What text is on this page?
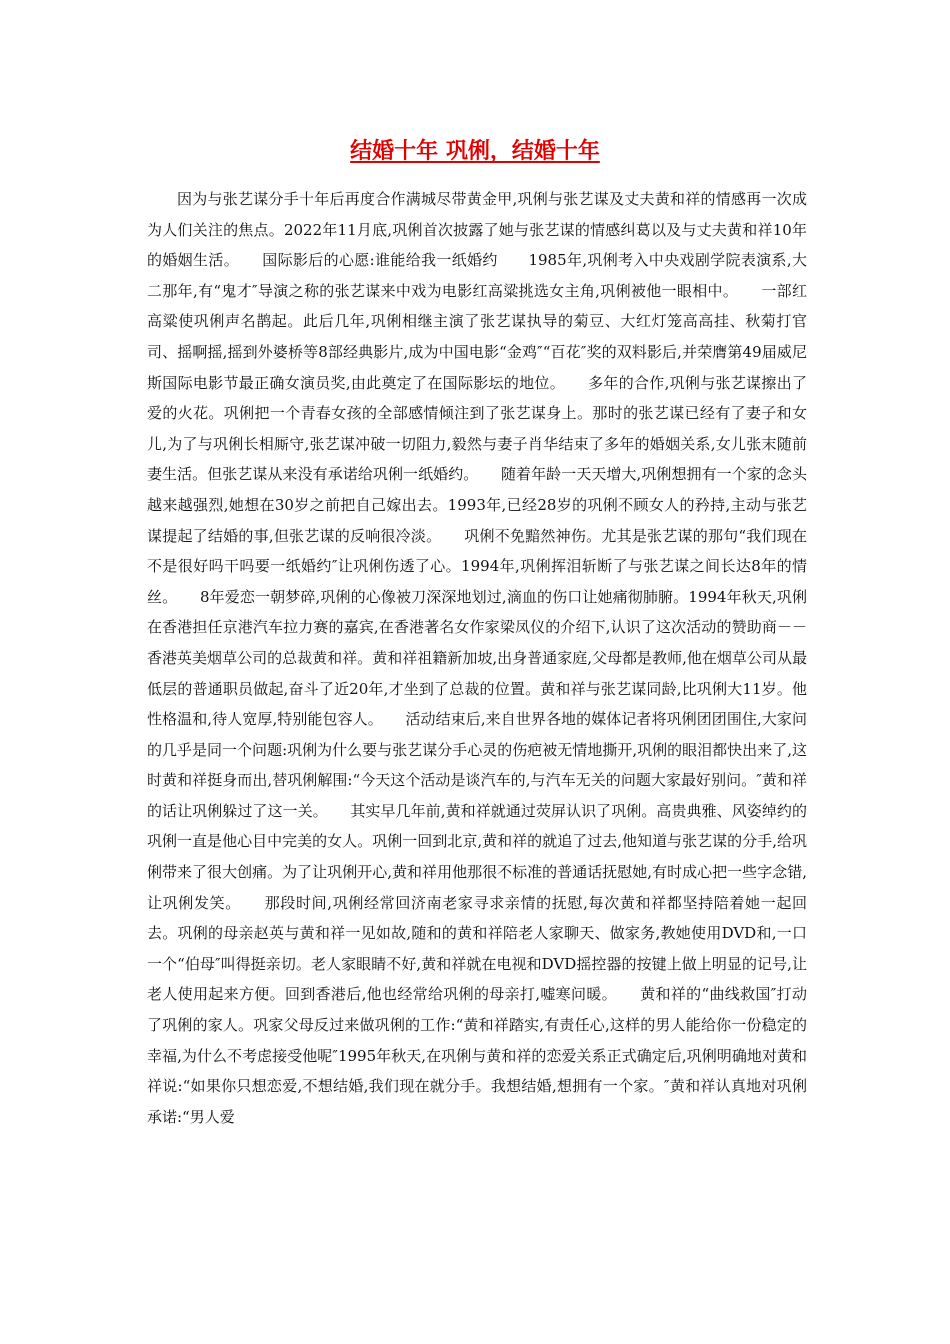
结婚十年 巩俐，结婚十年

因为与张艺谋分手十年后再度合作满城尽带黄金甲,巩俐与张艺谋及丈夫黄和祥的情感再一次成为人们关注的焦点。2022年11月底,巩俐首次披露了她与张艺谋的情感纠葛以及与丈夫黄和祥10年的婚姻生活。　　国际影后的心愿:谁能给我一纸婚约　　1985年,巩俐考入中央戏剧学院表演系,大二那年,有“鬼才″导演之称的张艺谋来中戏为电影红高粱挑选女主角,巩俐被他一眼相中。　　一部红高粱使巩俐声名鹊起。此后几年,巩俐相继主演了张艺谋执导的菊豆、大红灯笼高高挂、秋菊打官司、摇啊摇,摇到外婆桥等8部经典影片,成为中国电影“金鸡″“百花″奖的双料影后,并荣膺第49届威尼斯国际电影节最正确女演员奖,由此奠定了在国际影坛的地位。　　多年的合作,巩俐与张艺谋擦出了爱的火花。巩俐把一个青春女孩的全部感情倾注到了张艺谋身上。那时的张艺谋已经有了妻子和女儿,为了与巩俐长相厮守,张艺谋冲破一切阻力,毅然与妻子肖华结束了多年的婚姻关系,女儿张末随前妻生活。但张艺谋从来没有承诺给巩俐一纸婚约。　　随着年龄一天天增大,巩俐想拥有一个家的念头越来越强烈,她想在30岁之前把自己嫁出去。1993年,已经28岁的巩俐不顾女人的矜持,主动与张艺谋提起了结婚的事,但张艺谋的反响很冷淡。　　巩俐不免黯然神伤。尤其是张艺谋的那句“我们现在不是很好吗干吗要一纸婚约″让巩俐伤透了心。1994年,巩俐挥泪斩断了与张艺谋之间长达8年的情丝。　　8年爱恋一朝梦碎,巩俐的心像被刀深深地划过,滴血的伤口让她痛彻肺腑。1994年秋天,巩俐在香港担任京港汽车拉力赛的嘉宾,在香港著名女作家梁凤仪的介绍下,认识了这次活动的赞助商－－香港英美烟草公司的总裁黄和祥。黄和祥祖籍新加坡,出身普通家庭,父母都是教师,他在烟草公司从最低层的普通职员做起,奋斗了近20年,才坐到了总裁的位置。黄和祥与张艺谋同龄,比巩俐大11岁。他性格温和,待人宽厚,特别能包容人。　　活动结束后,来自世界各地的媒体记者将巩俐团团围住,大家问的几乎是同一个问题:巩俐为什么要与张艺谋分手心灵的伤疤被无情地撕开,巩俐的眼泪都快出来了,这时黄和祥挺身而出,替巩俐解围:“今天这个活动是谈汽车的,与汽车无关的问题大家最好别问。″黄和祥的话让巩俐躲过了这一关。　　其实早几年前,黄和祥就通过荧屏认识了巩俐。高贵典雅、风姿绰约的巩俐一直是他心目中完美的女人。巩俐一回到北京,黄和祥的就追了过去,他知道与张艺谋的分手,给巩俐带来了很大创痛。为了让巩俐开心,黄和祥用他那很不标准的普通话抚慰她,有时成心把一些字念错,让巩俐发笑。　　那段时间,巩俐经常回济南老家寻求亲情的抚慰,每次黄和祥都坚持陪着她一起回去。巩俐的母亲赵英与黄和祥一见如故,随和的黄和祥陪老人家聊天、做家务,教她使用DVD和,一口一个“伯母″叫得挺亲切。老人家眼睛不好,黄和祥就在电视和DVD摇控器的按键上做上明显的记号,让老人使用起来方便。回到香港后,他也经常给巩俐的母亲打,嘘寒问暖。　　黄和祥的“曲线救国″打动了巩俐的家人。巩家父母反过来做巩俐的工作:“黄和祥踏实,有责任心,这样的男人能给你一份稳定的幸福,为什么不考虑接受他呢″1995年秋天,在巩俐与黄和祥的恋爱关系正式确定后,巩俐明确地对黄和祥说:“如果你只想恋爱,不想结婚,我们现在就分手。我想结婚,想拥有一个家。″黄和祥认真地对巩俐承诺:“男人爱
